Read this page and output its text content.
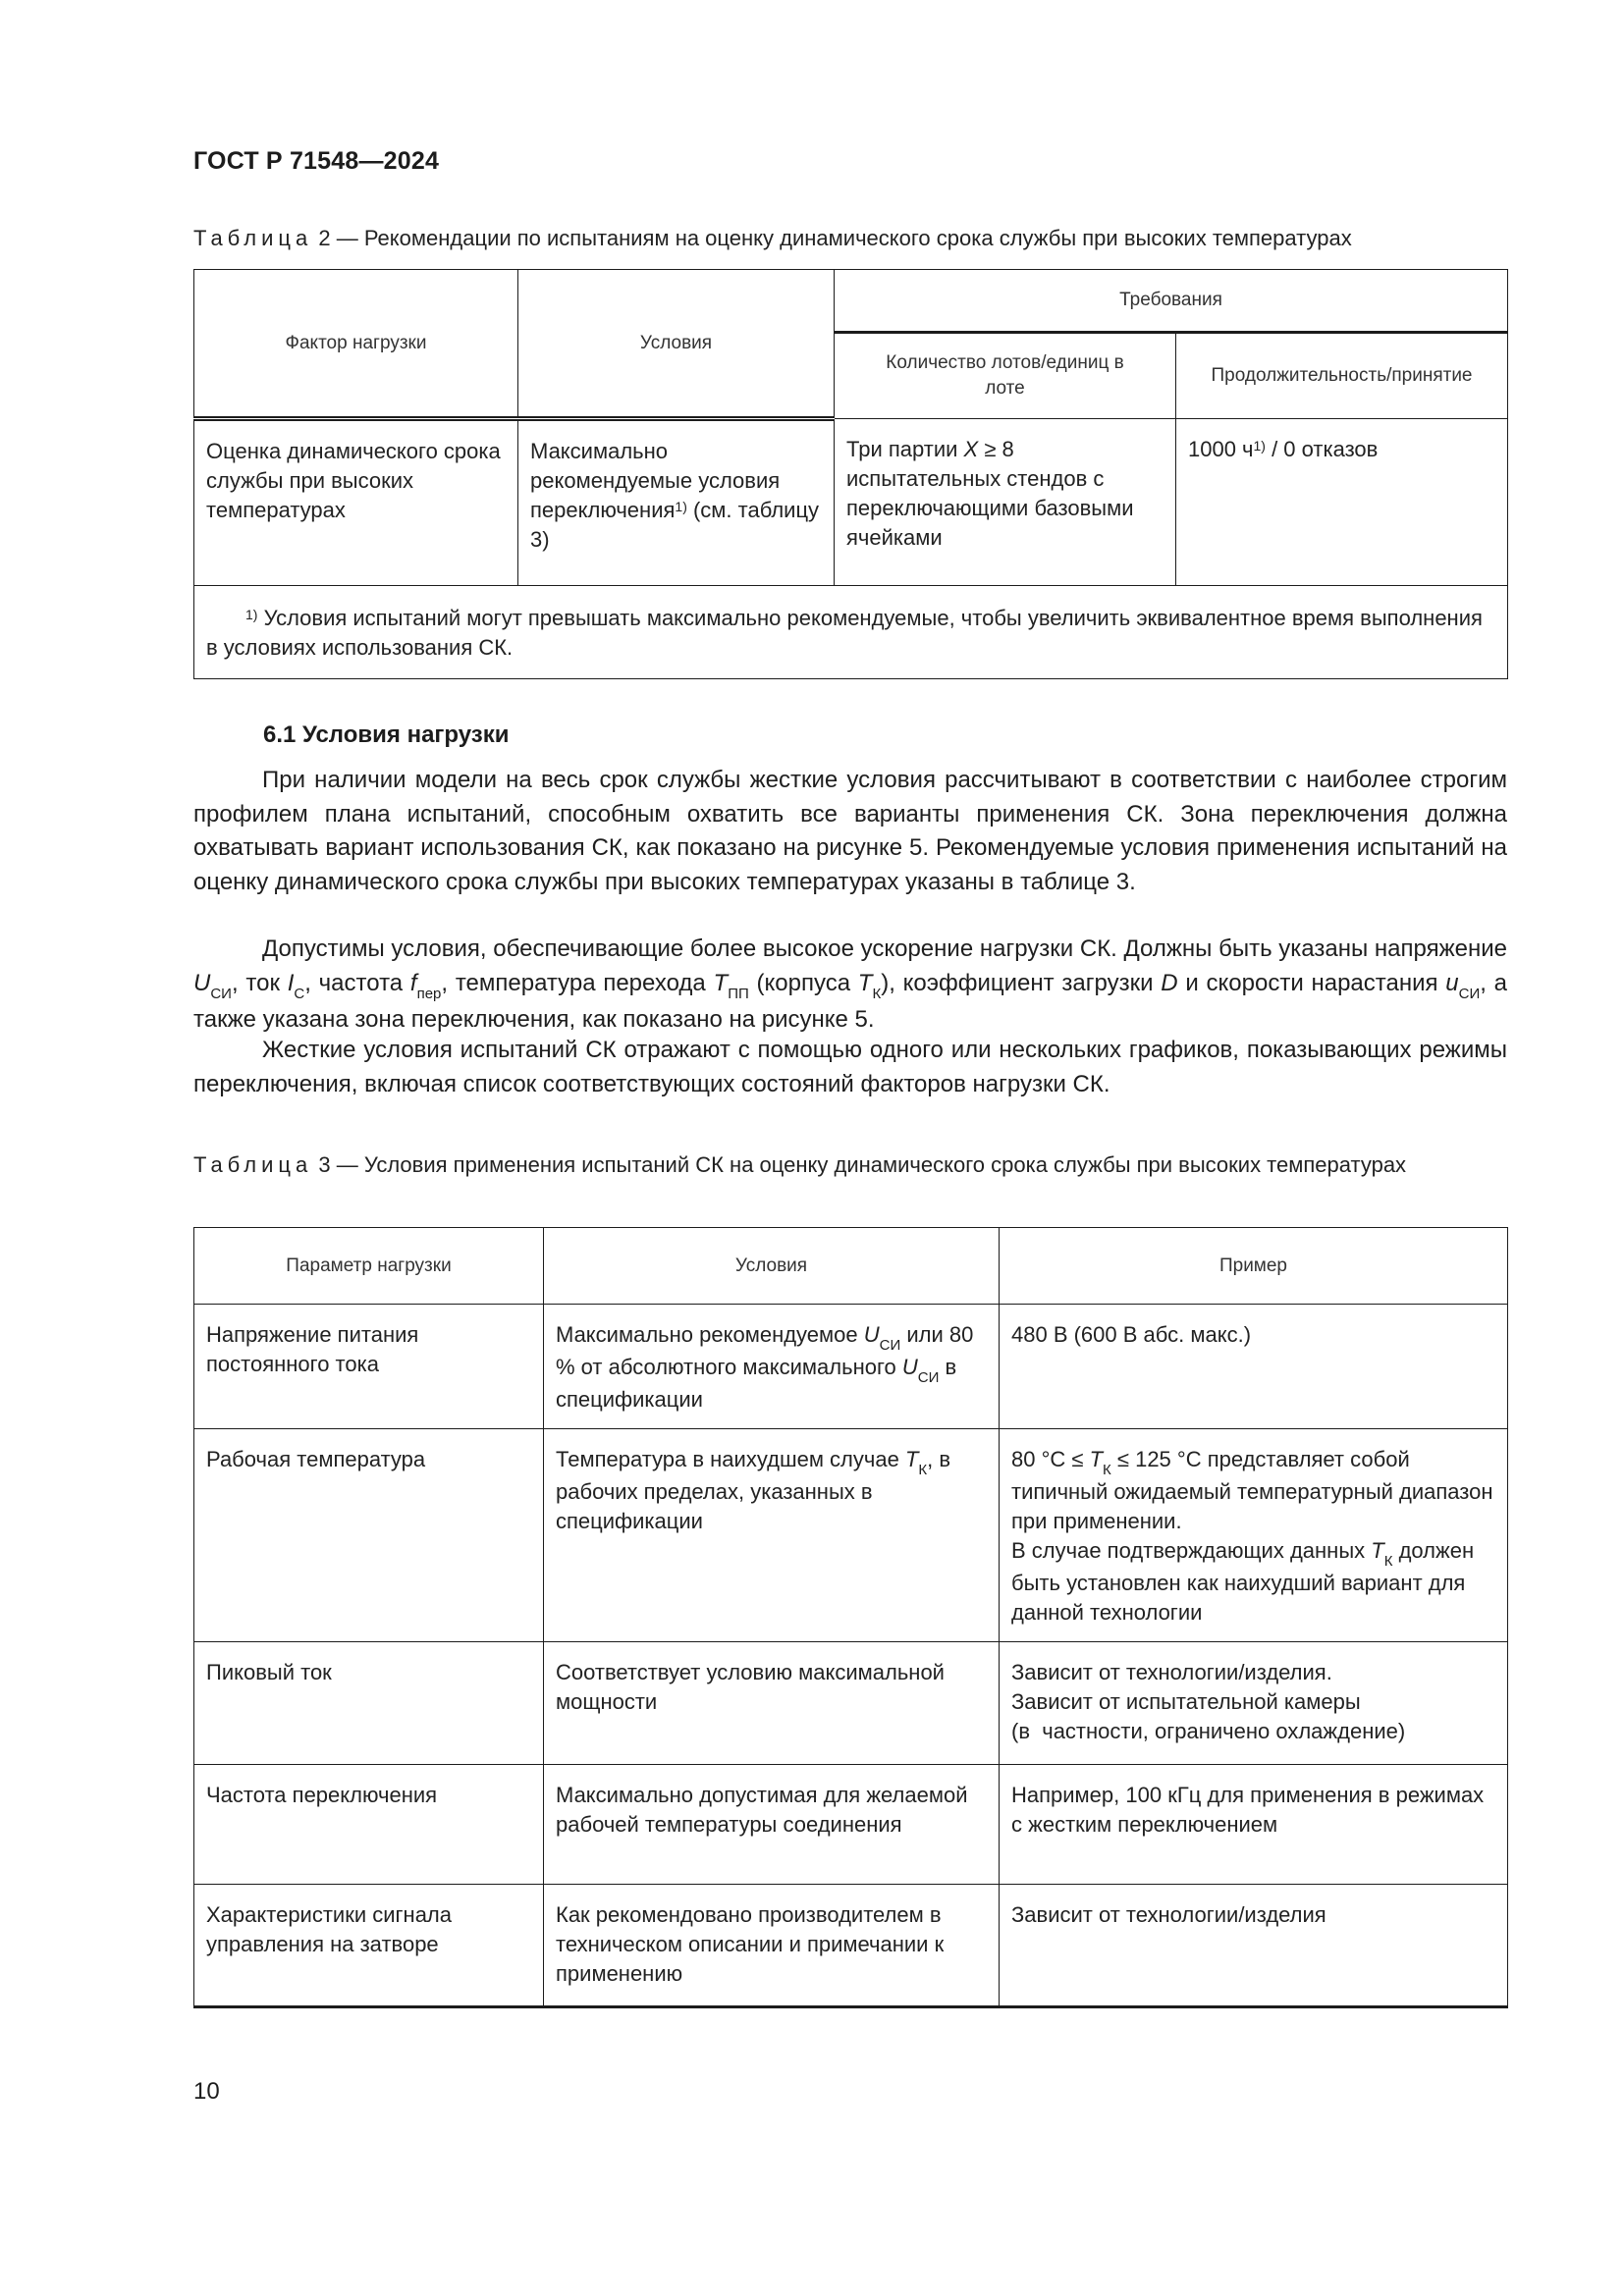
ГОСТ Р 71548—2024
Таблица 2 — Рекомендации по испытаниям на оценку динамического срока службы при высоких температурах
Фактор нагрузки	Условия	Требования	
		Количество лотов/единиц в лоте	Продолжительность/принятие
Оценка динамического срока службы при высоких температурах	Максимально рекомендуемые условия переключения$^{1)}$ (см. таблицу 3)	Три партии X ≥ 8 испытательных стендов с переключающими базовыми ячейками	1000 $ч^{1)} / 0$ отказов
$^{1)}$ Условия испытаний могут превышать максимально рекомендуемые, чтобы увеличить эквивалентное время выполнения в условиях использования СК.			
6.1 Условия нагрузки
При наличии модели на весь срок службы жесткие условия рассчитывают в соответствии с наиболее строгим профилем плана испытаний, способным охватить все варианты применения СК. Зона переключения должна охватывать вариант использования СК, как показано на рисунке 5. Рекомендуемые условия применения испытаний на оценку динамического срока службы при высоких температурах указаны в таблице 3.
Допустимы условия, обеспечивающие более высокое ускорение нагрузки СК. Должны быть указаны напряжение $U_{СИ}$, ток $I_С$, частота $f_{пер}$, температура перехода $T_{ПП}$ (корпуса $T_К$), коэффициент загрузки D и скорости нарастания $u_{СИ}$, а также указана зона переключения, как показано на рисунке 5.
Жесткие условия испытаний СК отражают с помощью одного или нескольких графиков, показывающих режимы переключения, включая список соответствующих состояний факторов нагрузки СК.
Таблица 3 — Условия применения испытаний СК на оценку динамического срока службы при высоких температурах
Параметр нагрузки	Условия	Пример
Напряжение питания постоянного тока	Максимально рекомендуемое $U_{СИ}$ или 80 % от абсолютного максимального $U_{СИ}$ в спецификации	480 В (600 В абс. макс.)
Рабочая температура	Температура в наихудшем случае $T_К$, в рабочих пределах, указанных в спецификации	80 $^\circ C \le T_К \le 125$ °C представляет собой типичный ожидаемый температурный диапазон при применении.
В случае подтверждающих данных $T_К$ должен быть установлен как наихудший вариант для данной технологии
Пиковый ток	Соответствует условию максимальной мощности	Зависит от технологии/изделия.
Зависит от испытательной камеры
(в  частности, ограничено охлаждение)
Частота переключения	Максимально допустимая для желаемой рабочей температуры соединения	Например, 100 кГц для применения в режимах с жестким переключением
Характеристики сигнала управления на затворе	Как рекомендовано производителем в техническом описании и примечании к применению	Зависит от технологии/изделия
10
